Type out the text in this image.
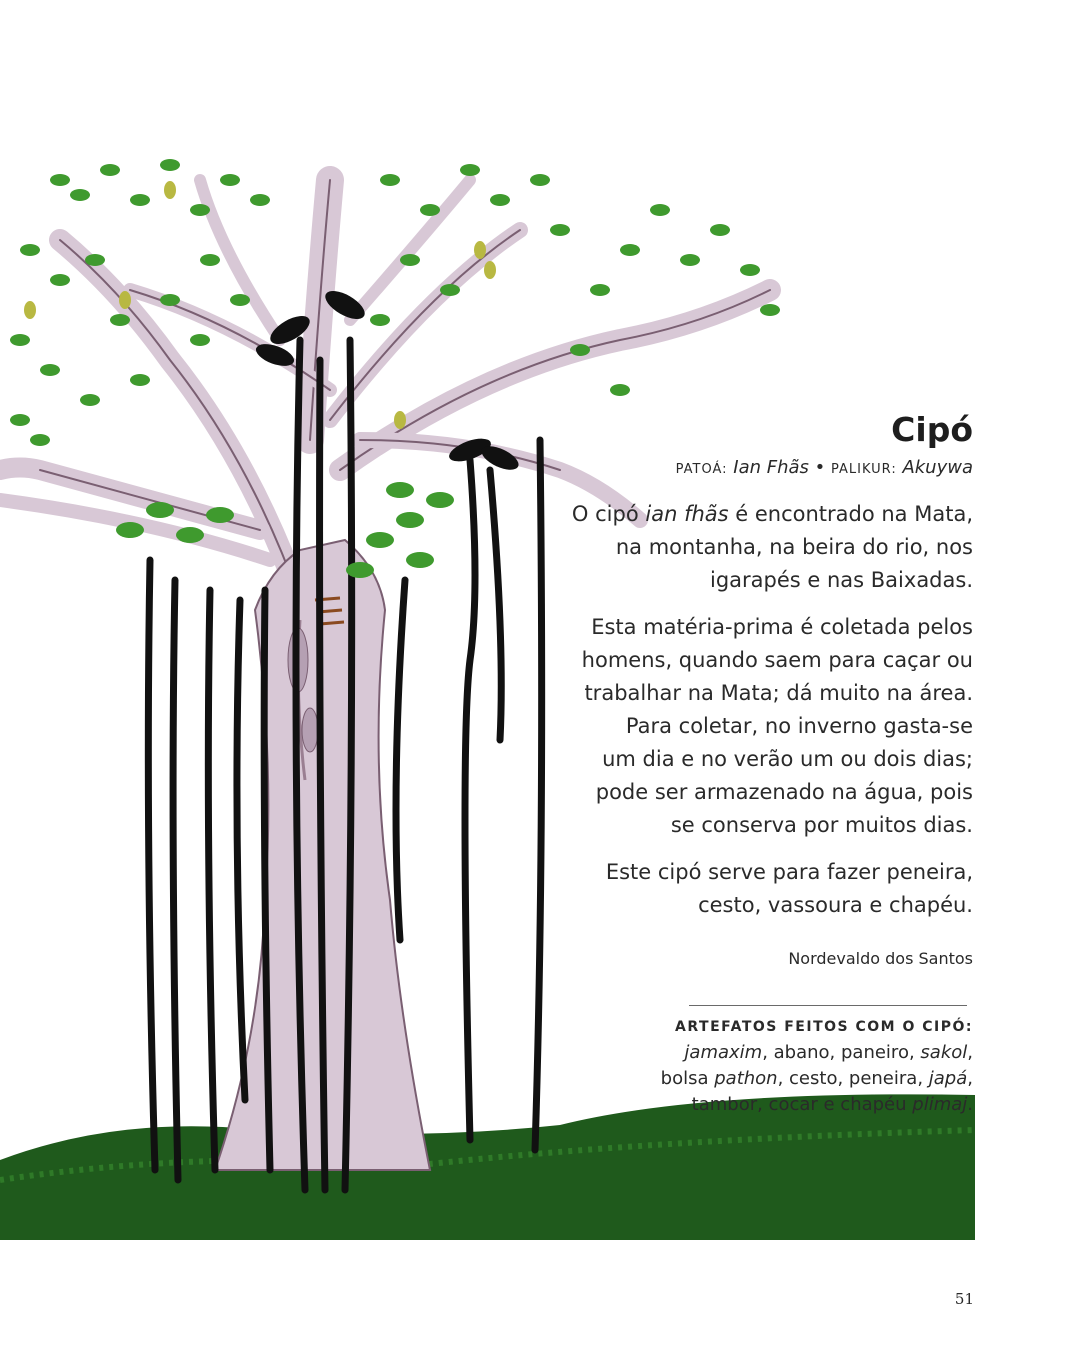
Cipó
PATOÁ: Ian Fhãs • PALIKUR: Akuywa

O cipó ian fhãs é encontrado na Mata,
na montanha, na beira do rio, nos
igarapés e nas Baixadas.

Esta matéria-prima é coletada pelos
homens, quando saem para caçar ou
trabalhar na Mata; dá muito na área.
Para coletar, no inverno gasta-se
um dia e no verão um ou dois dias;
pode ser armazenado na água, pois
se conserva por muitos dias.

Este cipó serve para fazer peneira,
cesto, vassoura e chapéu.

Nordevaldo dos Santos
ARTEFATOS FEITOS COM O CIPÓ:
jamaxim, abano, paneiro, sakol,
bolsa pathon, cesto, peneira, japá,
tambor, cocar e chapéu plimaj.
51
